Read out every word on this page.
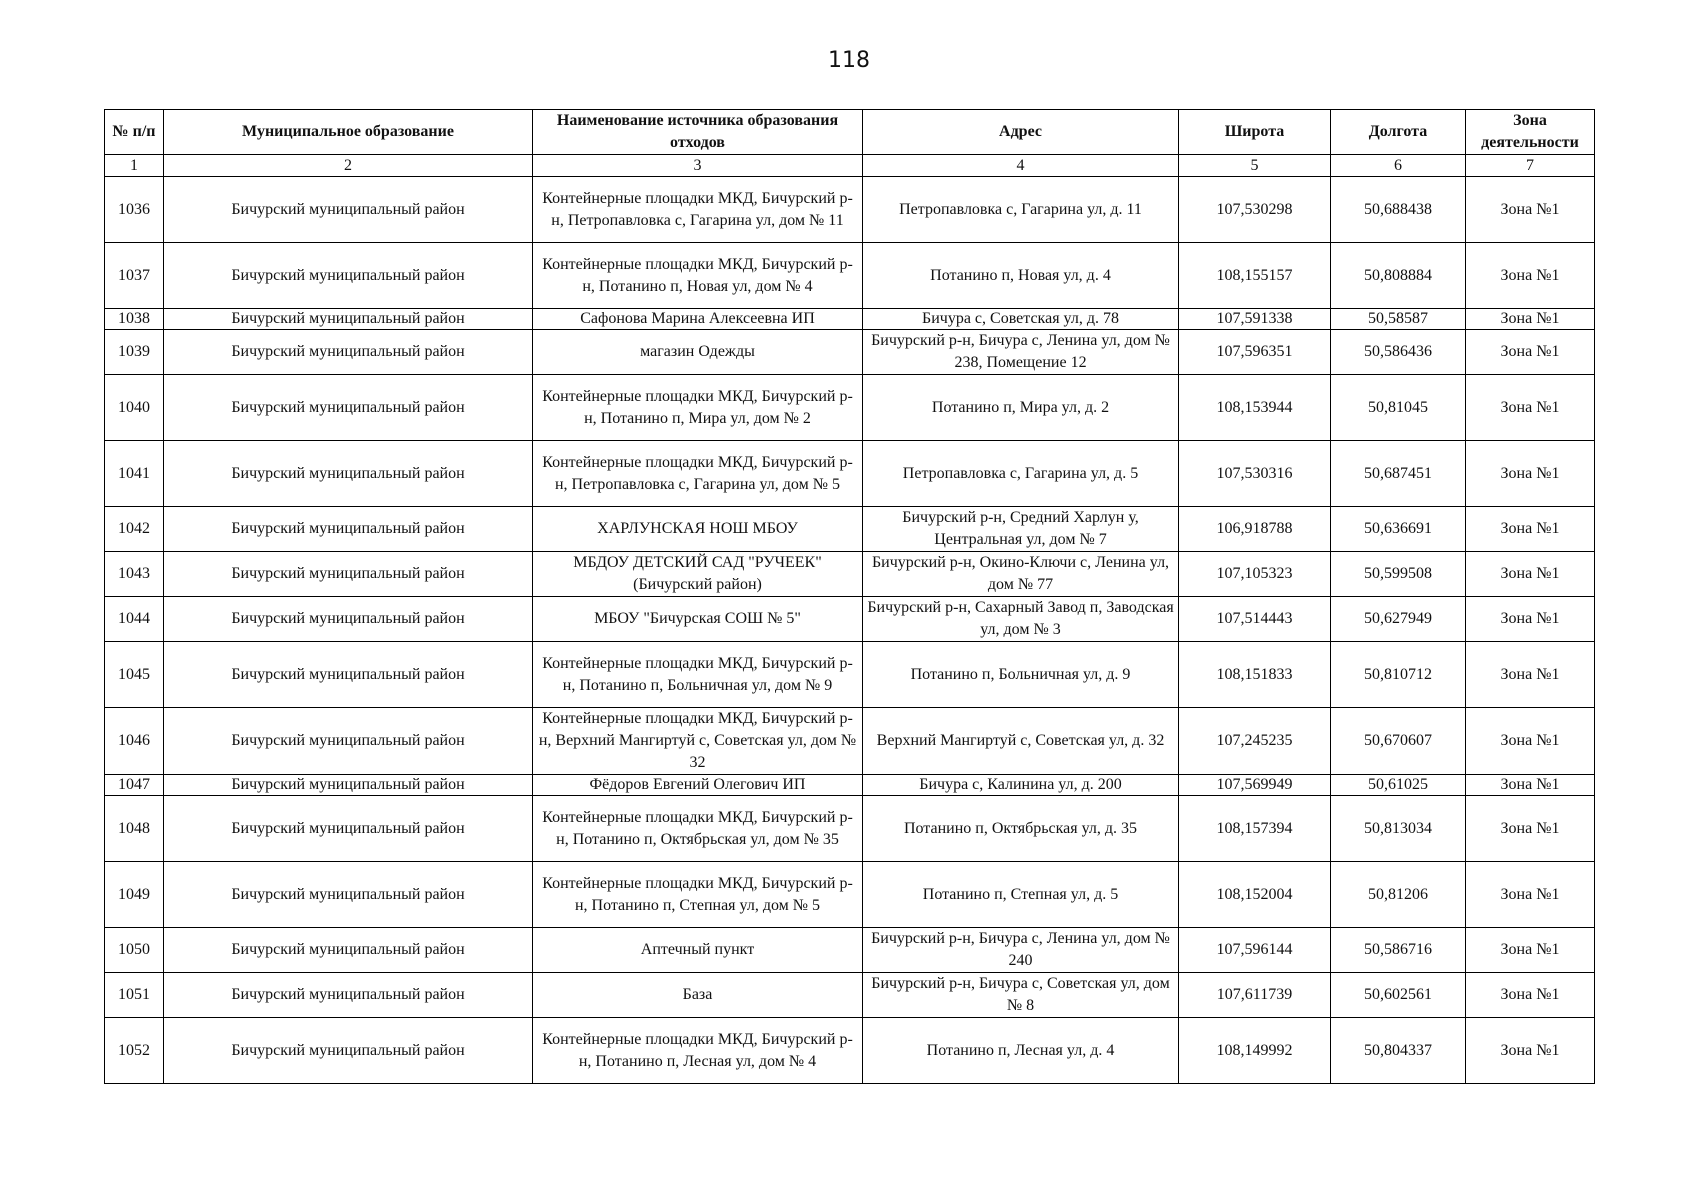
118
№ п/п	Муниципальное образование	Наименование источника образования отходов	Адрес	Широта	Долгота	Зона деятельности
1	2	3	4	5	6	7
1036	Бичурский муниципальный район	Контейнерные площадки МКД, Бичурский р-н, Петропавловка с, Гагарина ул, дом № 11	Петропавловка с, Гагарина ул, д. 11	107,530298	50,688438	Зона №1
1037	Бичурский муниципальный район	Контейнерные площадки МКД, Бичурский р-н, Потанино п, Новая ул, дом № 4	Потанино п, Новая ул, д. 4	108,155157	50,808884	Зона №1
1038	Бичурский муниципальный район	Сафонова Марина Алексеевна ИП	Бичура с, Советская ул, д. 78	107,591338	50,58587	Зона №1
1039	Бичурский муниципальный район	магазин Одежды	Бичурский р-н, Бичура с, Ленина ул, дом № 238, Помещение 12	107,596351	50,586436	Зона №1
1040	Бичурский муниципальный район	Контейнерные площадки МКД, Бичурский р-н, Потанино п, Мира ул, дом № 2	Потанино п, Мира ул, д. 2	108,153944	50,81045	Зона №1
1041	Бичурский муниципальный район	Контейнерные площадки МКД, Бичурский р-н, Петропавловка с, Гагарина ул, дом № 5	Петропавловка с, Гагарина ул, д. 5	107,530316	50,687451	Зона №1
1042	Бичурский муниципальный район	ХАРЛУНСКАЯ НОШ МБОУ	Бичурский р-н, Средний Харлун у, Центральная ул, дом № 7	106,918788	50,636691	Зона №1
1043	Бичурский муниципальный район	МБДОУ ДЕТСКИЙ САД "РУЧЕЕК" (Бичурский район)	Бичурский р-н, Окино-Ключи с, Ленина ул, дом № 77	107,105323	50,599508	Зона №1
1044	Бичурский муниципальный район	МБОУ "Бичурская СОШ № 5"	Бичурский р-н, Сахарный Завод п, Заводская ул, дом № 3	107,514443	50,627949	Зона №1
1045	Бичурский муниципальный район	Контейнерные площадки МКД, Бичурский р-н, Потанино п, Больничная ул, дом № 9	Потанино п, Больничная ул, д. 9	108,151833	50,810712	Зона №1
1046	Бичурский муниципальный район	Контейнерные площадки МКД, Бичурский р-н, Верхний Мангиртуй с, Советская ул, дом № 32	Верхний Мангиртуй с, Советская ул, д. 32	107,245235	50,670607	Зона №1
1047	Бичурский муниципальный район	Фёдоров Евгений Олегович ИП	Бичура с, Калинина ул, д. 200	107,569949	50,61025	Зона №1
1048	Бичурский муниципальный район	Контейнерные площадки МКД, Бичурский р-н, Потанино п, Октябрьская ул, дом № 35	Потанино п, Октябрьская ул, д. 35	108,157394	50,813034	Зона №1
1049	Бичурский муниципальный район	Контейнерные площадки МКД, Бичурский р-н, Потанино п, Степная ул, дом № 5	Потанино п, Степная ул, д. 5	108,152004	50,81206	Зона №1
1050	Бичурский муниципальный район	Аптечный пункт	Бичурский р-н, Бичура с, Ленина ул, дом № 240	107,596144	50,586716	Зона №1
1051	Бичурский муниципальный район	База	Бичурский р-н, Бичура с, Советская ул, дом № 8	107,611739	50,602561	Зона №1
1052	Бичурский муниципальный район	Контейнерные площадки МКД, Бичурский р-н, Потанино п, Лесная ул, дом № 4	Потанино п, Лесная ул, д. 4	108,149992	50,804337	Зона №1
